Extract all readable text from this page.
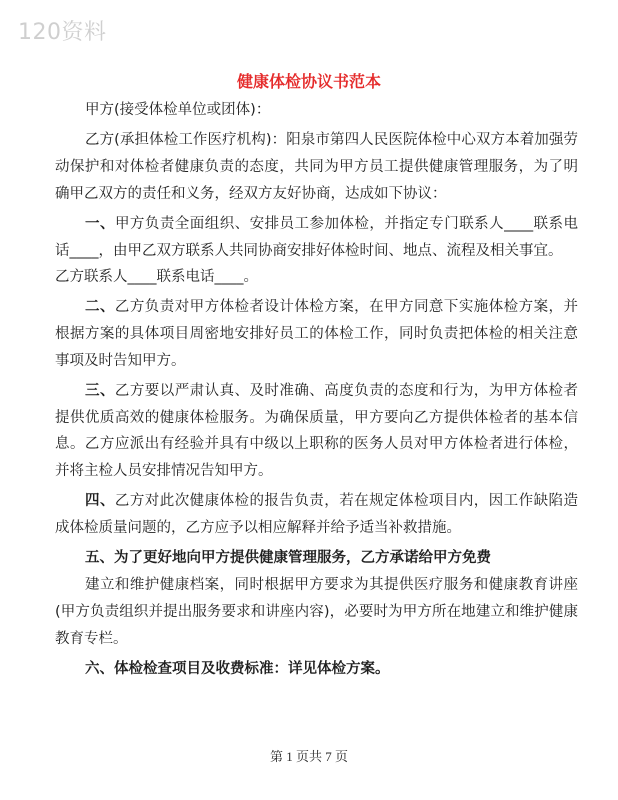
120资料
健康体检协议书范本
甲方(接受体检单位或团体)：
乙方(承担体检工作医疗机构)：阳泉市第四人民医院体检中心双方本着加强劳
动保护和对体检者健康负责的态度，共同为甲方员工提供健康管理服务，为了明
确甲乙双方的责任和义务，经双方友好协商，达成如下协议：
一、甲方负责全面组织、安排员工参加体检，并指定专门联系人____联系电
话____，由甲乙双方联系人共同协商安排好体检时间、地点、流程及相关事宜。
乙方联系人____联系电话____。
二、乙方负责对甲方体检者设计体检方案，在甲方同意下实施体检方案，并
根据方案的具体项目周密地安排好员工的体检工作，同时负责把体检的相关注意
事项及时告知甲方。
三、乙方要以严肃认真、及时准确、高度负责的态度和行为，为甲方体检者
提供优质高效的健康体检服务。为确保质量，甲方要向乙方提供体检者的基本信
息。乙方应派出有经验并具有中级以上职称的医务人员对甲方体检者进行体检，
并将主检人员安排情况告知甲方。
四、乙方对此次健康体检的报告负责，若在规定体检项目内，因工作缺陷造
成体检质量问题的，乙方应予以相应解释并给予适当补救措施。
五、为了更好地向甲方提供健康管理服务，乙方承诺给甲方免费
建立和维护健康档案，同时根据甲方要求为其提供医疗服务和健康教育讲座
(甲方负责组织并提出服务要求和讲座内容)，必要时为甲方所在地建立和维护健康
教育专栏。
六、体检检查项目及收费标准：详见体检方案。
第 1 页共 7 页
